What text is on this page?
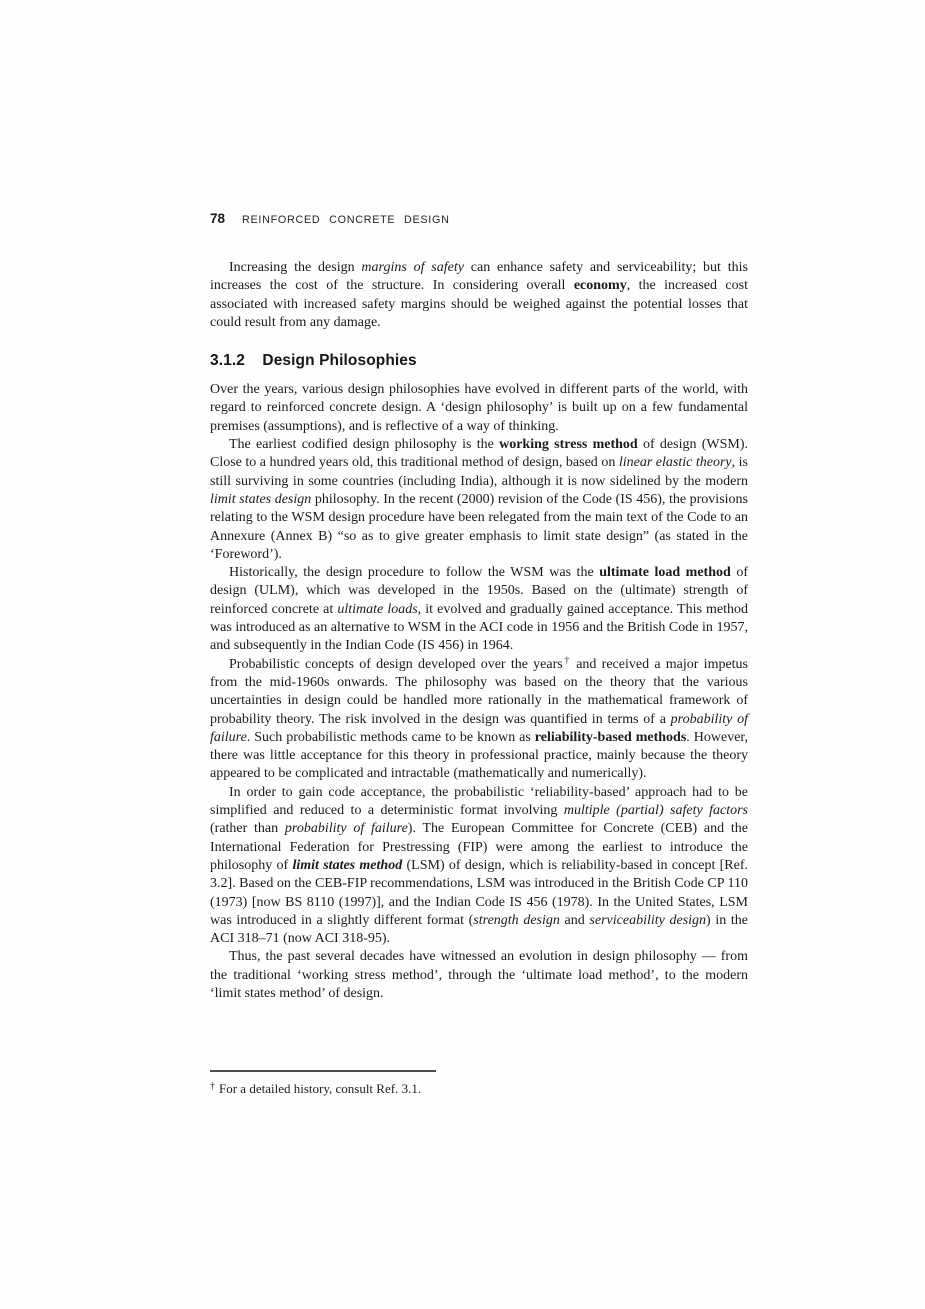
78 REINFORCED CONCRETE DESIGN

Increasing the design margins of safety can enhance safety and serviceability; but this increases the cost of the structure. In considering overall economy, the increased cost associated with increased safety margins should be weighed against the potential losses that could result from any damage.

3.1.2 Design Philosophies

Over the years, various design philosophies have evolved in different parts of the world, with regard to reinforced concrete design. A ‘design philosophy’ is built up on a few fundamental premises (assumptions), and is reflective of a way of thinking.

The earliest codified design philosophy is the working stress method of design (WSM). Close to a hundred years old, this traditional method of design, based on linear elastic theory, is still surviving in some countries (including India), although it is now sidelined by the modern limit states design philosophy. In the recent (2000) revision of the Code (IS 456), the provisions relating to the WSM design procedure have been relegated from the main text of the Code to an Annexure (Annex B) “so as to give greater emphasis to limit state design” (as stated in the ‘Foreword’).

Historically, the design procedure to follow the WSM was the ultimate load method of design (ULM), which was developed in the 1950s. Based on the (ultimate) strength of reinforced concrete at ultimate loads, it evolved and gradually gained acceptance. This method was introduced as an alternative to WSM in the ACI code in 1956 and the British Code in 1957, and subsequently in the Indian Code (IS 456) in 1964.

Probabilistic concepts of design developed over the years† and received a major impetus from the mid-1960s onwards. The philosophy was based on the theory that the various uncertainties in design could be handled more rationally in the mathematical framework of probability theory. The risk involved in the design was quantified in terms of a probability of failure. Such probabilistic methods came to be known as reliability-based methods. However, there was little acceptance for this theory in professional practice, mainly because the theory appeared to be complicated and intractable (mathematically and numerically).

In order to gain code acceptance, the probabilistic ‘reliability-based’ approach had to be simplified and reduced to a deterministic format involving multiple (partial) safety factors (rather than probability of failure). The European Committee for Concrete (CEB) and the International Federation for Prestressing (FIP) were among the earliest to introduce the philosophy of limit states method (LSM) of design, which is reliability-based in concept [Ref. 3.2]. Based on the CEB-FIP recommendations, LSM was introduced in the British Code CP 110 (1973) [now BS 8110 (1997)], and the Indian Code IS 456 (1978). In the United States, LSM was introduced in a slightly different format (strength design and serviceability design) in the ACI 318–71 (now ACI 318-95).

Thus, the past several decades have witnessed an evolution in design philosophy — from the traditional ‘working stress method’, through the ‘ultimate load method’, to the modern ‘limit states method’ of design.

† For a detailed history, consult Ref. 3.1.
